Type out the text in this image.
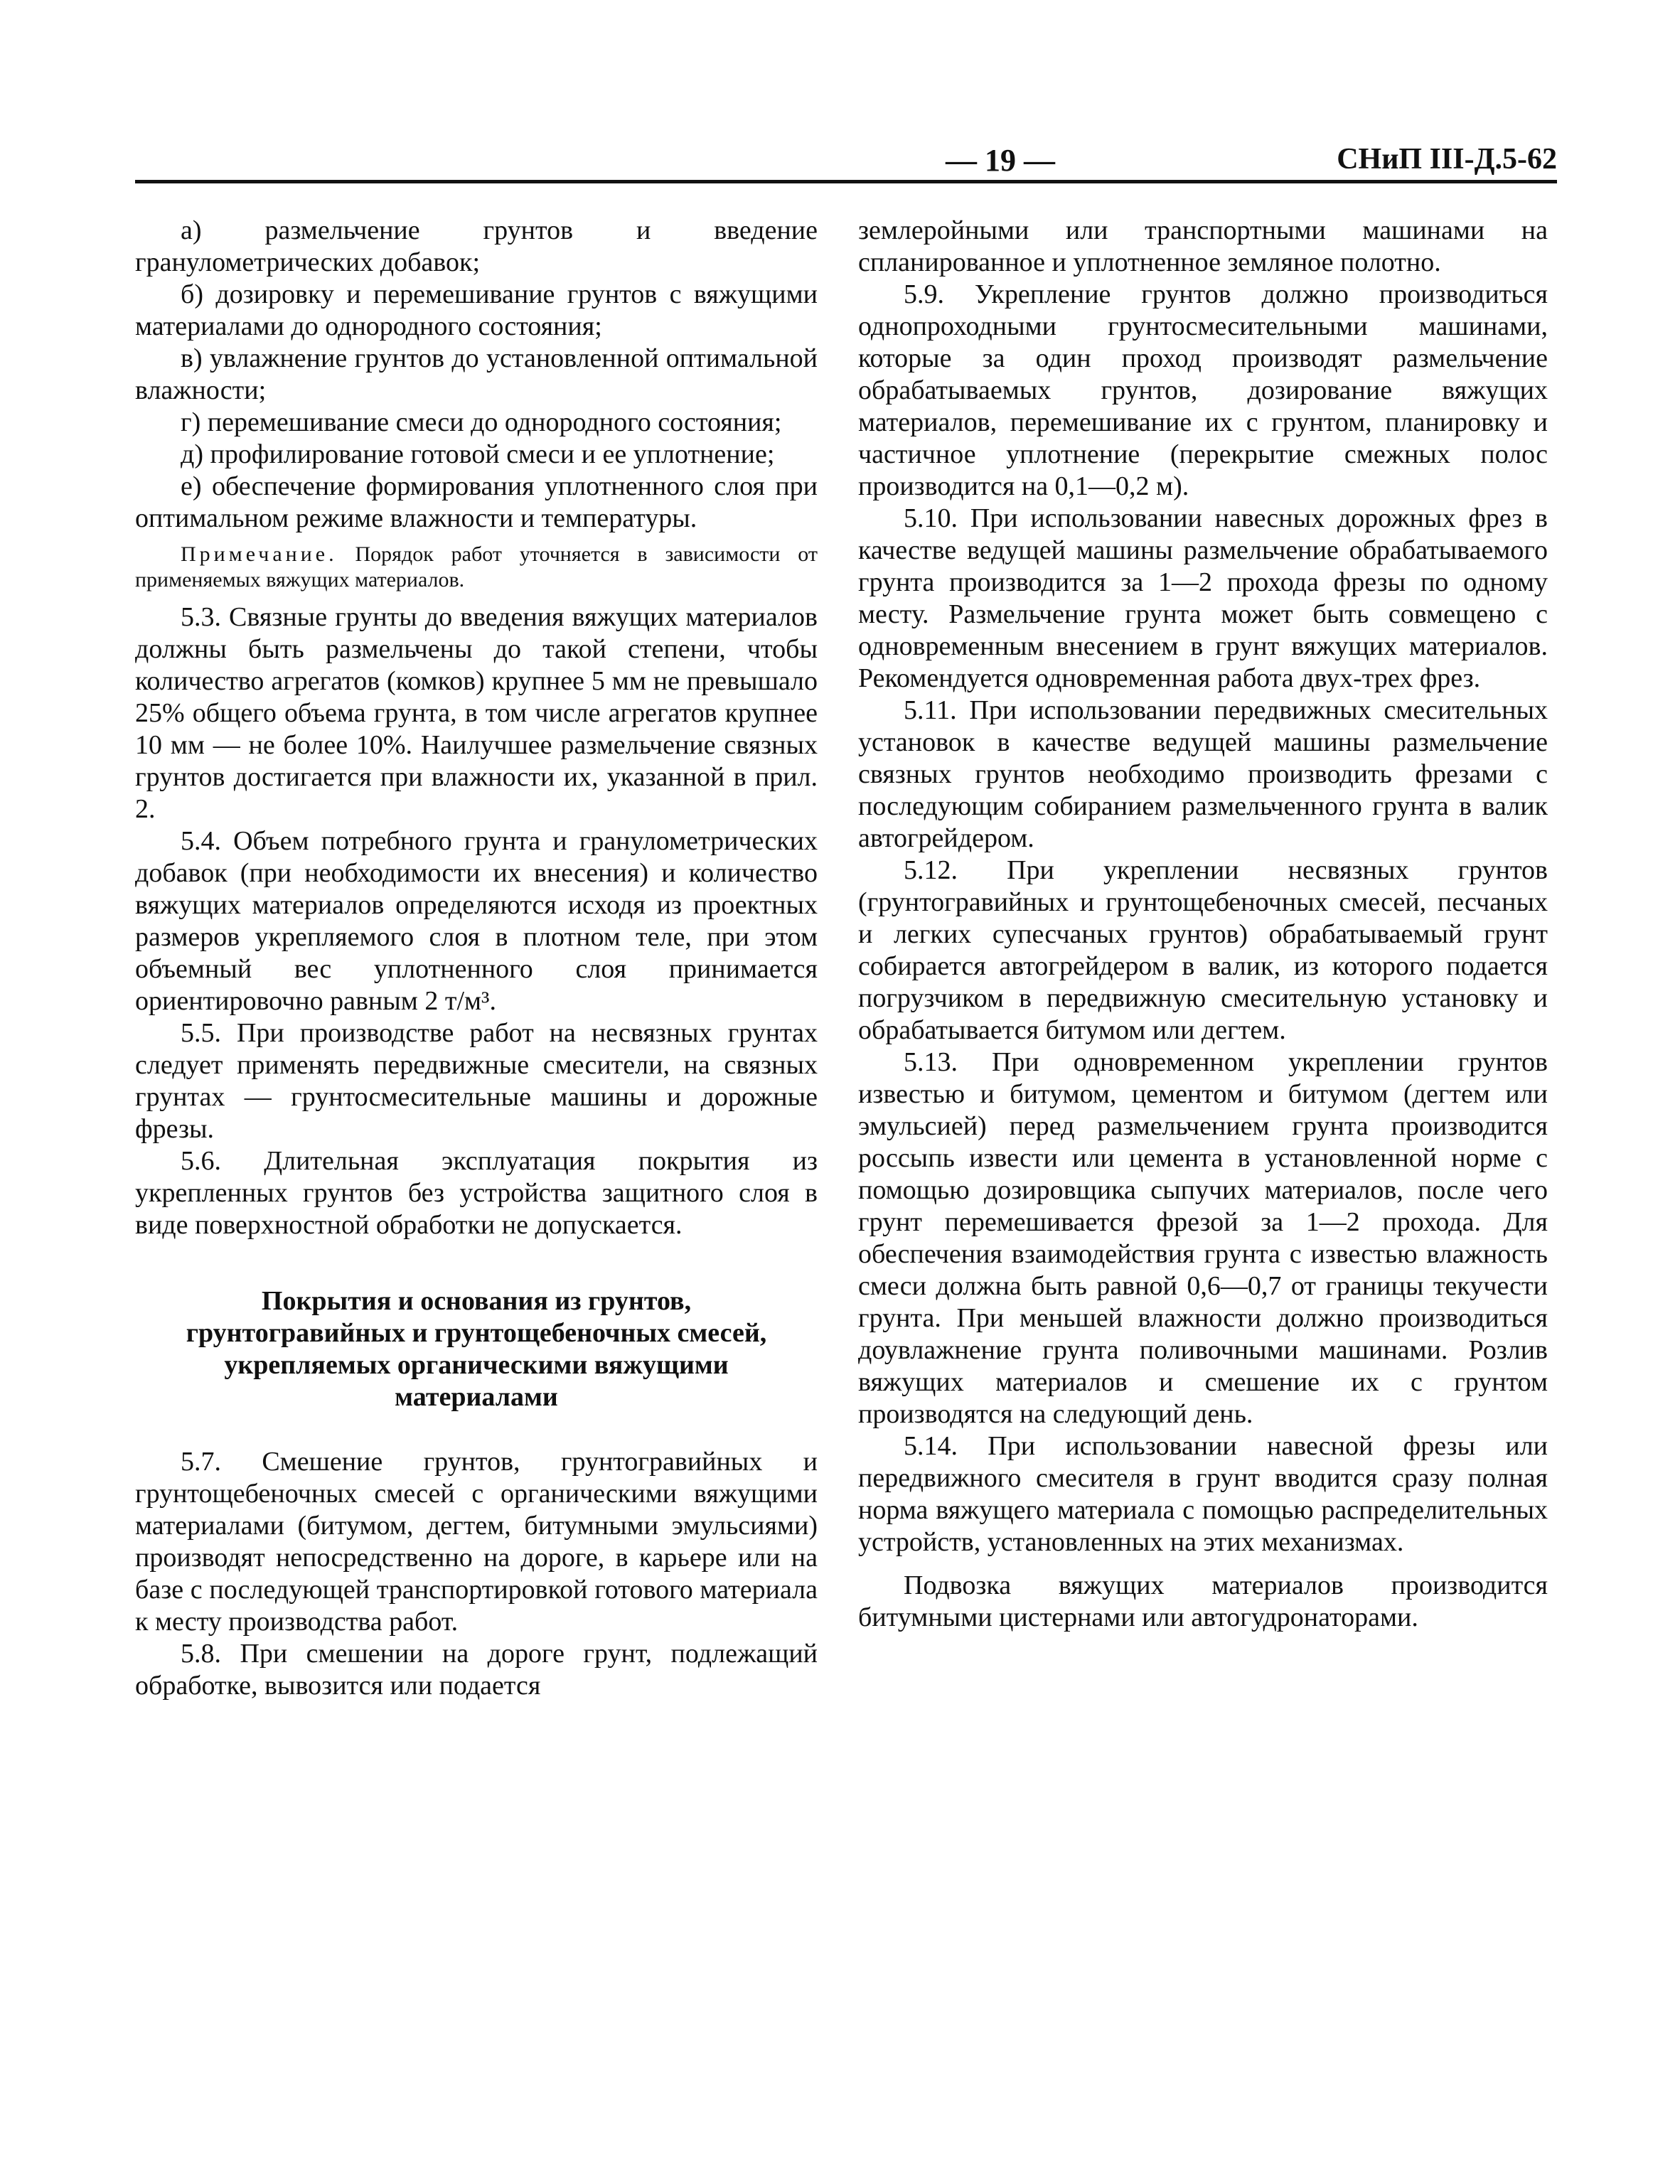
— 19 —	СНиП III-Д.5-62

а) размельчение грунтов и введение гранулометрических добавок;

б) дозировку и перемешивание грунтов с вяжущими материалами до однородного состояния;

в) увлажнение грунтов до установленной оптимальной влажности;

г) перемешивание смеси до однородного состояния;

д) профилирование готовой смеси и ее уплотнение;

е) обеспечение формирования уплотненного слоя при оптимальном режиме влажности и температуры.

Примечание. Порядок работ уточняется в зависимости от применяемых вяжущих материалов.

5.3. Связные грунты до введения вяжущих материалов должны быть размельчены до такой степени, чтобы количество агрегатов (комков) крупнее 5 мм не превышало 25% общего объема грунта, в том числе агрегатов крупнее 10 мм — не более 10%. Наилучшее размельчение связных грунтов достигается при влажности их, указанной в прил. 2.

5.4. Объем потребного грунта и гранулометрических добавок (при необходимости их внесения) и количество вяжущих материалов определяются исходя из проектных размеров укрепляемого слоя в плотном теле, при этом объемный вес уплотненного слоя принимается ориентировочно равным 2 т/м³.

5.5. При производстве работ на несвязных грунтах следует применять передвижные смесители, на связных грунтах — грунтосмесительные машины и дорожные фрезы.

5.6. Длительная эксплуатация покрытия из укрепленных грунтов без устройства защитного слоя в виде поверхностной обработки не допускается.

Покрытия и основания из грунтов,
грунтогравийных и грунтощебеночных смесей,
укрепляемых органическими вяжущими
материалами

5.7. Смешение грунтов, грунтогравийных и грунтощебеночных смесей с органическими вяжущими материалами (битумом, дегтем, битумными эмульсиями) производят непосредственно на дороге, в карьере или на базе с последующей транспортировкой готового материала к месту производства работ.

5.8. При смешении на дороге грунт, подлежащий обработке, вывозится или подается

землеройными или транспортными машинами на спланированное и уплотненное земляное полотно.

5.9. Укрепление грунтов должно производиться однопроходными грунтосмесительными машинами, которые за один проход производят размельчение обрабатываемых грунтов, дозирование вяжущих материалов, перемешивание их с грунтом, планировку и частичное уплотнение (перекрытие смежных полос производится на 0,1—0,2 м).

5.10. При использовании навесных дорожных фрез в качестве ведущей машины размельчение обрабатываемого грунта производится за 1—2 прохода фрезы по одному месту. Размельчение грунта может быть совмещено с одновременным внесением в грунт вяжущих материалов. Рекомендуется одновременная работа двух-трех фрез.

5.11. При использовании передвижных смесительных установок в качестве ведущей машины размельчение связных грунтов необходимо производить фрезами с последующим собиранием размельченного грунта в валик автогрейдером.

5.12. При укреплении несвязных грунтов (грунтогравийных и грунтощебеночных смесей, песчаных и легких супесчаных грунтов) обрабатываемый грунт собирается автогрейдером в валик, из которого подается погрузчиком в передвижную смесительную установку и обрабатывается битумом или дегтем.

5.13. При одновременном укреплении грунтов известью и битумом, цементом и битумом (дегтем или эмульсией) перед размельчением грунта производится россыпь извести или цемента в установленной норме с помощью дозировщика сыпучих материалов, после чего грунт перемешивается фрезой за 1—2 прохода. Для обеспечения взаимодействия грунта с известью влажность смеси должна быть равной 0,6—0,7 от границы текучести грунта. При меньшей влажности должно производиться доувлажнение грунта поливочными машинами. Розлив вяжущих материалов и смешение их с грунтом производятся на следующий день.

5.14. При использовании навесной фрезы или передвижного смесителя в грунт вводится сразу полная норма вяжущего материала с помощью распределительных устройств, установленных на этих механизмах.

Подвозка вяжущих материалов производится битумными цистернами или автогудронаторами.
